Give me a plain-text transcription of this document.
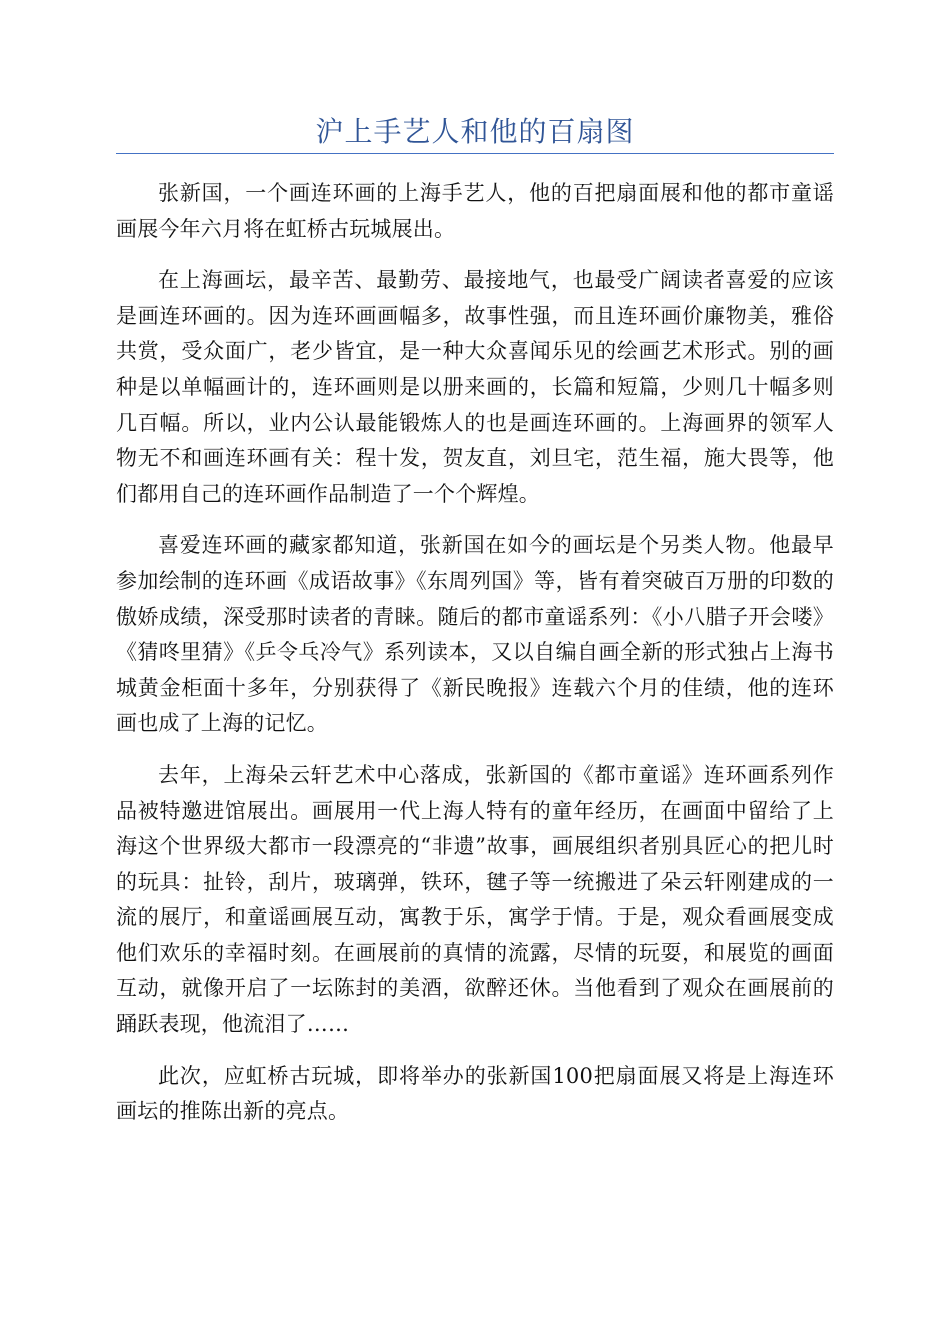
沪上手艺人和他的百扇图

张新国，一个画连环画的上海手艺人，他的百把扇面展和他的都市童谣画展今年六月将在虹桥古玩城展出。

在上海画坛，最辛苦、最勤劳、最接地气，也最受广阔读者喜爱的应该是画连环画的。因为连环画画幅多，故事性强，而且连环画价廉物美，雅俗共赏，受众面广，老少皆宜，是一种大众喜闻乐见的绘画艺术形式。别的画种是以单幅画计的，连环画则是以册来画的，长篇和短篇，少则几十幅多则几百幅。所以，业内公认最能锻炼人的也是画连环画的。上海画界的领军人物无不和画连环画有关：程十发，贺友直，刘旦宅，范生福，施大畏等，他们都用自己的连环画作品制造了一个个辉煌。

喜爱连环画的藏家都知道，张新国在如今的画坛是个另类人物。他最早参加绘制的连环画《成语故事》《东周列国》等，皆有着突破百万册的印数的傲娇成绩，深受那时读者的青睐。随后的都市童谣系列：《小八腊子开会喽》《猜咚里猜》《乒令乓冷气》系列读本，又以自编自画全新的形式独占上海书城黄金柜面十多年，分别获得了《新民晚报》连载六个月的佳绩，他的连环画也成了上海的记忆。

去年，上海朵云轩艺术中心落成，张新国的《都市童谣》连环画系列作品被特邀进馆展出。画展用一代上海人特有的童年经历，在画面中留给了上海这个世界级大都市一段漂亮的“非遗”故事，画展组织者别具匠心的把儿时的玩具：扯铃，刮片，玻璃弹，铁环，毽子等一统搬进了朵云轩刚建成的一流的展厅，和童谣画展互动，寓教于乐，寓学于情。于是，观众看画展变成他们欢乐的幸福时刻。在画展前的真情的流露，尽情的玩耍，和展览的画面互动，就像开启了一坛陈封的美酒，欲醉还休。当他看到了观众在画展前的踊跃表现，他流泪了……

此次，应虹桥古玩城，即将举办的张新国100把扇面展又将是上海连环画坛的推陈出新的亮点。
